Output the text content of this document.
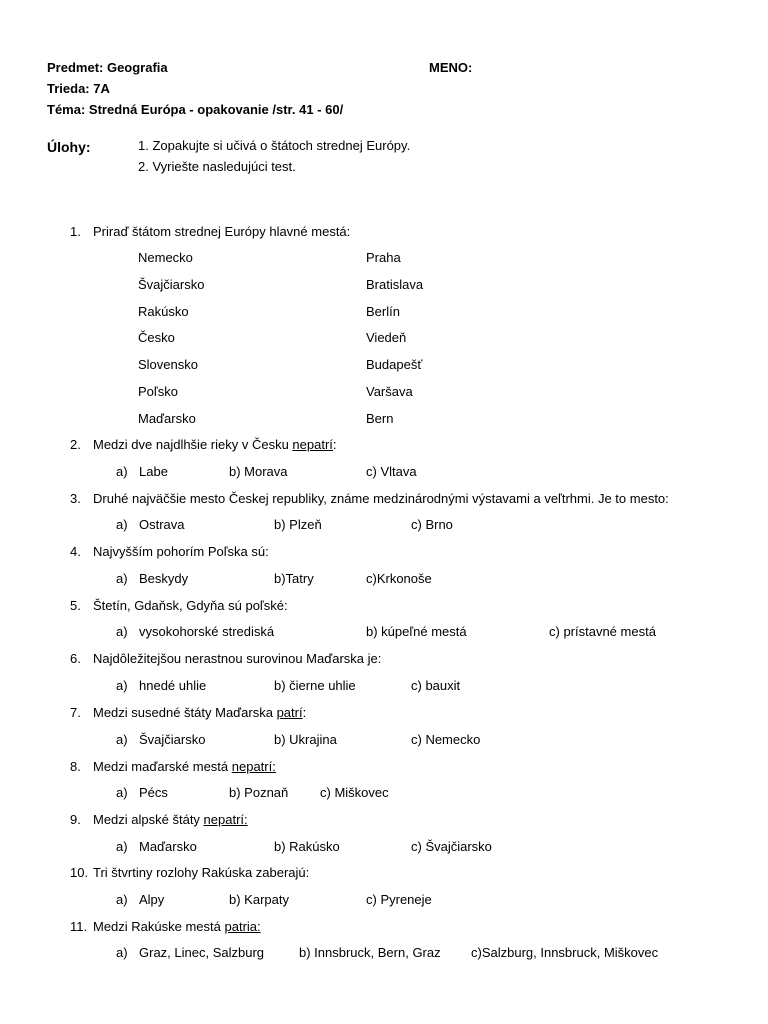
Predmet: Geografia	MENO:
Trieda: 7A
Téma: Stredná Európa - opakovanie /str. 41 - 60/
Úlohy:	1. Zopakujte si učivá o štátoch strednej Európy.
2. Vyriešte nasledujúci test.
1. Priraď štátom strednej Európy hlavné mestá:
Nemecko	Praha
Švajčiarsko	Bratislava
Rakúsko	Berlín
Česko	Viedeň
Slovensko	Budapešť
Poľsko	Varšava
Maďarsko	Bern
2. Medzi dve najdlhšie rieky v Česku nepatrí:
a) Labe	b) Morava	c) Vltava
3. Druhé najväčšie mesto Českej republiky, známe medzinárodnými výstavami a veľtrhmi. Je to mesto:
a) Ostrava	b) Plzeň	c) Brno
4. Najvyšším pohorím Poľska sú:
a) Beskydy	b)Tatry	c)Krkonoše
5. Štetín, Gdaňsk, Gdyňa sú poľské:
a) vysokohorské strediská	b) kúpeľné mestá	c) prístavné mestá
6. Najdôležitejšou nerastnou surovinou Maďarska je:
a) hnedé uhlie	b) čierne uhlie	c) bauxit
7. Medzi susedné štáty Maďarska patrí:
a) Švajčiarsko	b) Ukrajina	c) Nemecko
8. Medzi maďarské mestá nepatrí:
a) Pécs	b) Poznaň c) Miškovec
9. Medzi alpské štáty nepatrí:
a) Maďarsko	b) Rakúsko	c) Švajčiarsko
10. Tri štvrtiny rozlohy Rakúska zaberajú:
a) Alpy	b) Karpaty	c) Pyreneje
11. Medzi Rakúske mestá patria:
a) Graz, Linec, Salzburg	b) Innsbruck, Bern, Graz c)Salzburg, Innsbruck, Miškovec
